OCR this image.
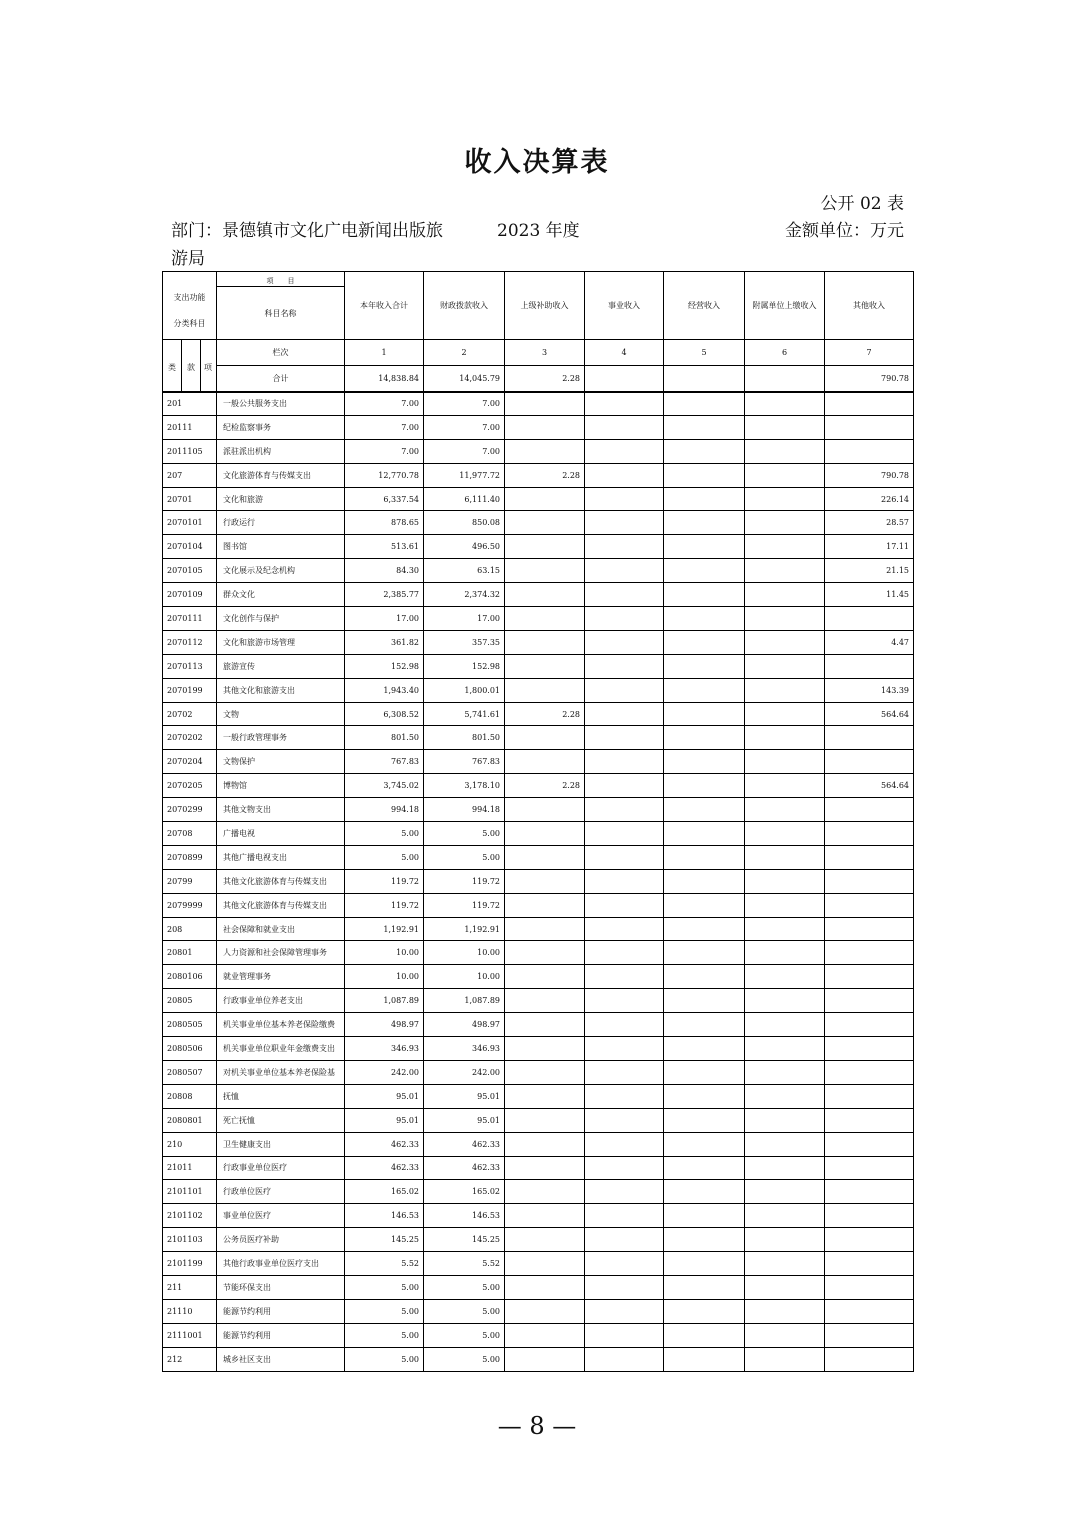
收入决算表
公开 02 表
部门：景德镇市文化广电新闻出版旅游局
2023 年度	金额单位：万元
支出功能
分类科目			项　　目
科目名称	本年收入合计	财政拨款收入	上级补助收入	事业收入	经营收入	附属单位上缴收入	其他收入

类	款	项	栏次	1	2	3	4	5	6	7
			合计	14,838.84	14,045.79	2.28				790.78
201			一般公共服务支出	7.00	7.00					
20111			纪检监察事务	7.00	7.00					
2011105			派驻派出机构	7.00	7.00					
207			文化旅游体育与传媒支出	12,770.78	11,977.72	2.28				790.78
20701			文化和旅游	6,337.54	6,111.40					226.14
2070101			行政运行	878.65	850.08					28.57
2070104			图书馆	513.61	496.50					17.11
2070105			文化展示及纪念机构	84.30	63.15					21.15
2070109			群众文化	2,385.77	2,374.32					11.45
2070111			文化创作与保护	17.00	17.00					
2070112			文化和旅游市场管理	361.82	357.35					4.47
2070113			旅游宣传	152.98	152.98					
2070199			其他文化和旅游支出	1,943.40	1,800.01					143.39
20702			文物	6,308.52	5,741.61	2.28				564.64
2070202			一般行政管理事务	801.50	801.50					
2070204			文物保护	767.83	767.83					
2070205			博物馆	3,745.02	3,178.10	2.28				564.64
2070299			其他文物支出	994.18	994.18					
20708			广播电视	5.00	5.00					
2070899			其他广播电视支出	5.00	5.00					
20799			其他文化旅游体育与传媒支出	119.72	119.72					
2079999			其他文化旅游体育与传媒支出	119.72	119.72					
208			社会保障和就业支出	1,192.91	1,192.91					
20801			人力资源和社会保障管理事务	10.00	10.00					
2080106			就业管理事务	10.00	10.00					
20805			行政事业单位养老支出	1,087.89	1,087.89					
2080505			机关事业单位基本养老保险缴费	498.97	498.97					
2080506			机关事业单位职业年金缴费支出	346.93	346.93					
2080507			对机关事业单位基本养老保险基	242.00	242.00					
20808			抚恤	95.01	95.01					
2080801			死亡抚恤	95.01	95.01					
210			卫生健康支出	462.33	462.33					
21011			行政事业单位医疗	462.33	462.33					
2101101			行政单位医疗	165.02	165.02					
2101102			事业单位医疗	146.53	146.53					
2101103			公务员医疗补助	145.25	145.25					
2101199			其他行政事业单位医疗支出	5.52	5.52					
211			节能环保支出	5.00	5.00					
21110			能源节约利用	5.00	5.00					
2111001			能源节约利用	5.00	5.00					
212			城乡社区支出	5.00	5.00					
— 8 —
